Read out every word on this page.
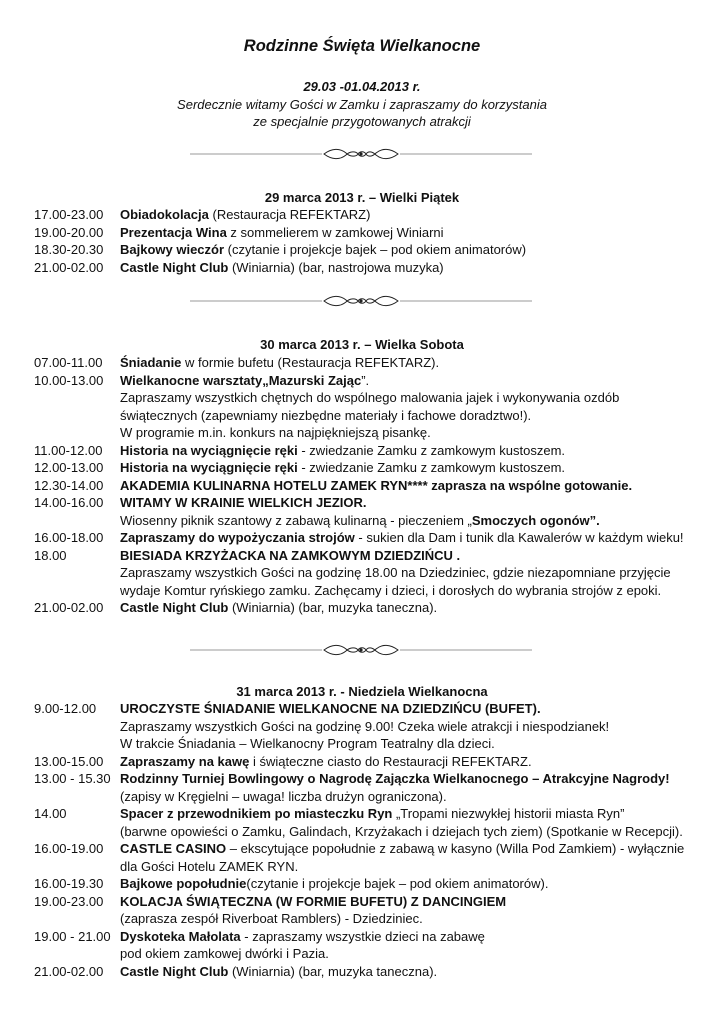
Rodzinne Święta Wielkanocne
29.03 -01.04.2013 r.
Serdecznie witamy Gości w Zamku i zapraszamy do korzystania
ze specjalnie przygotowanych atrakcji
29 marca 2013 r. – Wielki Piątek
17.00-23.00	Obiadokolacja (Restauracja REFEKTARZ)
19.00-20.00	Prezentacja Wina z sommelierem w zamkowej Winiarni
18.30-20.30	Bajkowy wieczór (czytanie i projekcje bajek – pod okiem animatorów)
21.00-02.00	Castle Night Club (Winiarnia) (bar, nastrojowa muzyka)
30 marca 2013 r. – Wielka Sobota
07.00-11.00	Śniadanie w formie bufetu (Restauracja REFEKTARZ).
10.00-13.00	Wielkanocne warsztaty„Mazurski Zając”.
Zapraszamy wszystkich chętnych do wspólnego malowania jajek i wykonywania ozdób
świątecznych (zapewniamy niezbędne materiały i fachowe doradztwo!).
W programie m.in. konkurs na najpiękniejszą pisankę.
11.00-12.00	Historia na wyciągnięcie ręki - zwiedzanie Zamku z zamkowym kustoszem.
12.00-13.00	Historia na wyciągnięcie ręki - zwiedzanie Zamku z zamkowym kustoszem.
12.30-14.00	AKADEMIA KULINARNA HOTELU ZAMEK RYN**** zaprasza na wspólne gotowanie.
14.00-16.00	WITAMY W KRAINIE WIELKICH JEZIOR.
Wiosenny piknik szantowy z zabawą kulinarną - pieczeniem „Smoczych ogonów”.
16.00-18.00	Zapraszamy do wypożyczania strojów - sukien dla Dam i tunik dla Kawalerów w każdym wieku!
18.00	BIESIADA KRZYŻACKA NA ZAMKOWYM DZIEDZIŃCU .
Zapraszamy wszystkich Gości na godzinę 18.00 na Dziedziniec, gdzie niezapomniane przyjęcie
wydaje Komtur ryńskiego zamku. Zachęcamy i dzieci, i dorosłych do wybrania strojów z epoki.
21.00-02.00	Castle Night Club (Winiarnia) (bar, muzyka taneczna).
31 marca 2013 r. - Niedziela Wielkanocna
9.00-12.00	UROCZYSTE ŚNIADANIE WIELKANOCNE NA DZIEDZIŃCU (BUFET).
Zapraszamy wszystkich Gości na godzinę 9.00! Czeka wiele atrakcji i niespodzianek!
W trakcie Śniadania – Wielkanocny Program Teatralny dla dzieci.
13.00-15.00	Zapraszamy na kawę i świąteczne ciasto do Restauracji REFEKTARZ.
13.00 - 15.30 Rodzinny Turniej Bowlingowy o Nagrodę Zajączka Wielkanocnego – Atrakcyjne Nagrody!
(zapisy w Kręgielni – uwaga! liczba drużyn ograniczona).
14.00	Spacer z przewodnikiem po miasteczku Ryn „Tropami niezwykłej historii miasta Ryn”
(barwne opowieści o Zamku, Galindach, Krzyżakach i dziejach tych ziem) (Spotkanie w Recepcji).
16.00-19.00	CASTLE CASINO – ekscytujące popołudnie z zabawą w kasyno (Willa Pod Zamkiem) - wyłącznie
dla Gości Hotelu ZAMEK RYN.
16.00-19.30	Bajkowe popołudnie(czytanie i projekcje bajek – pod okiem animatorów).
19.00-23.00	KOLACJA ŚWIĄTECZNA (W FORMIE BUFETU) Z DANCINGIEM
(zaprasza zespół Riverboat Ramblers) - Dziedziniec.
19.00 - 21.00 Dyskoteka Małolata - zapraszamy wszystkie dzieci na zabawę
pod okiem zamkowej dwórki i Pazia.
21.00-02.00	Castle Night Club (Winiarnia) (bar, muzyka taneczna).
